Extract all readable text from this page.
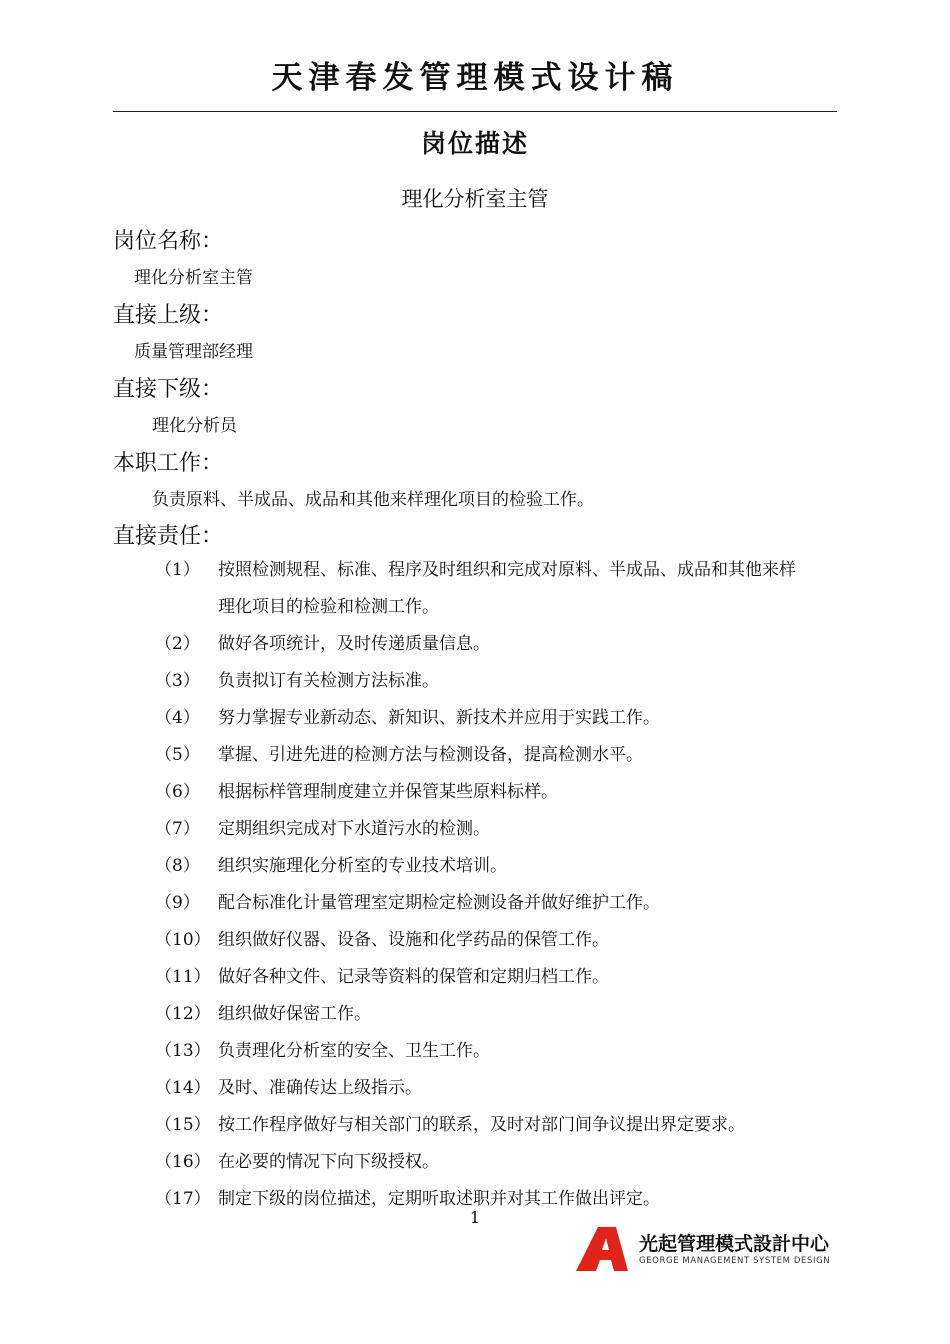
天津春发管理模式设计稿
岗位描述
理化分析室主管
岗位名称：
理化分析室主管
直接上级：
质量管理部经理
直接下级：
理化分析员
本职工作：
负责原料、半成品、成品和其他来样理化项目的检验工作。
直接责任：
（1）	按照检测规程、标准、程序及时组织和完成对原料、半成品、成品和其他来样
理化项目的检验和检测工作。
（2）	做好各项统计，及时传递质量信息。
（3）	负责拟订有关检测方法标准。
（4）	努力掌握专业新动态、新知识、新技术并应用于实践工作。
（5）	掌握、引进先进的检测方法与检测设备，提高检测水平。
（6）	根据标样管理制度建立并保管某些原料标样。
（7）	定期组织完成对下水道污水的检测。
（8）	组织实施理化分析室的专业技术培训。
（9）	配合标准化计量管理室定期检定检测设备并做好维护工作。
（10） 组织做好仪器、设备、设施和化学药品的保管工作。
（11） 做好各种文件、记录等资料的保管和定期归档工作。
（12） 组织做好保密工作。
（13） 负责理化分析室的安全、卫生工作。
（14） 及时、准确传达上级指示。
（15） 按工作程序做好与相关部门的联系，及时对部门间争议提出界定要求。
（16） 在必要的情况下向下级授权。
（17） 制定下级的岗位描述，定期听取述职并对其工作做出评定。
1
光起管理模式設計中心
GEORGE MANAGEMENT SYSTEM DESIGN
